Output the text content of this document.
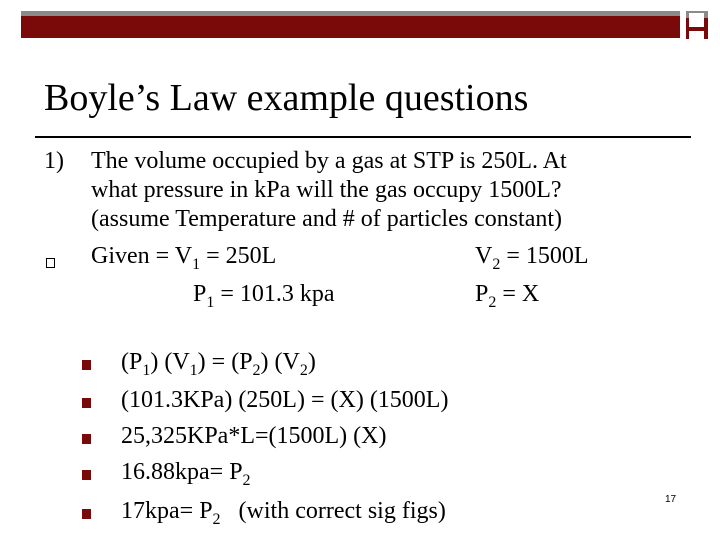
Boyle’s Law example questions
1) The volume occupied by a gas at STP is 250L. At
what pressure in kPa will the gas occupy 1500L?
(assume Temperature and # of particles constant)
Given = $V_1 = 250L$	$V_2 = 1500L$
$P_1 = 101.3$ kpa	$P_2 = X$
$(P_1) (V_1) = (P_2)$ $(V_2)$
(101.3KPa) (250L) = (X) (1500L)
25,325KPa*L=(1500L) (X)
$16.88kpa= P_2$
$17kpa= P_2$   (with correct sig figs)	17
